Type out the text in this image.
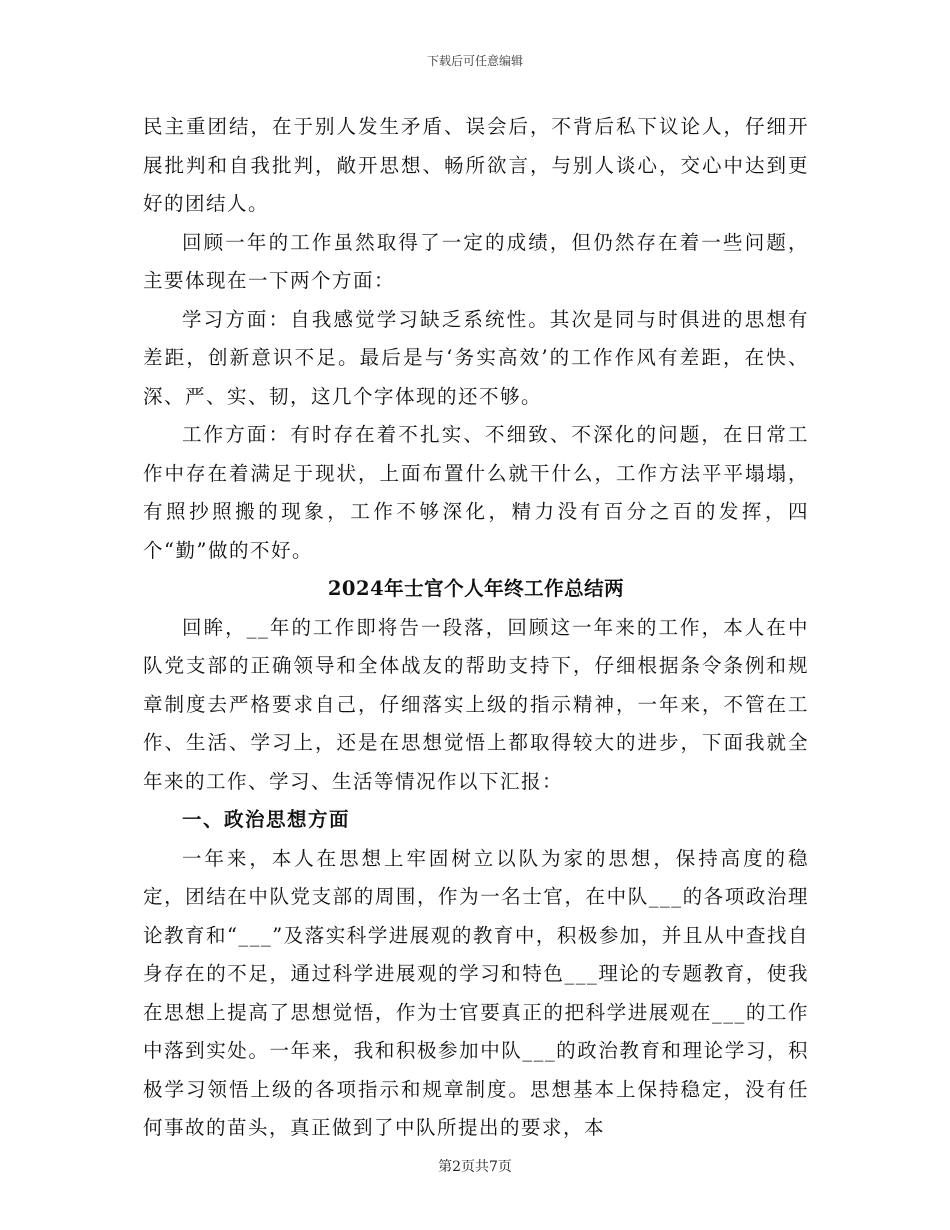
下载后可任意编辑

民主重团结，在于别人发生矛盾、误会后，不背后私下议论人，仔细开展批判和自我批判，敞开思想、畅所欲言，与别人谈心，交心中达到更好的团结人。

回顾一年的工作虽然取得了一定的成绩，但仍然存在着一些问题，主要体现在一下两个方面：

学习方面：自我感觉学习缺乏系统性。其次是同与时俱进的思想有差距，创新意识不足。最后是与‘务实高效’的工作作风有差距，在快、深、严、实、韧，这几个字体现的还不够。

工作方面：有时存在着不扎实、不细致、不深化的问题，在日常工作中存在着满足于现状，上面布置什么就干什么，工作方法平平塌塌，有照抄照搬的现象，工作不够深化，精力没有百分之百的发挥，四个“勤”做的不好。

2024年士官个人年终工作总结两

回眸，__年的工作即将告一段落，回顾这一年来的工作，本人在中队党支部的正确领导和全体战友的帮助支持下，仔细根据条令条例和规章制度去严格要求自己，仔细落实上级的指示精神，一年来，不管在工作、生活、学习上，还是在思想觉悟上都取得较大的进步，下面我就全年来的工作、学习、生活等情况作以下汇报：

一、政治思想方面

一年来，本人在思想上牢固树立以队为家的思想，保持高度的稳定，团结在中队党支部的周围，作为一名士官，在中队___的各项政治理论教育和“___”及落实科学进展观的教育中，积极参加，并且从中查找自身存在的不足，通过科学进展观的学习和特色___理论的专题教育，使我在思想上提高了思想觉悟，作为士官要真正的把科学进展观在___的工作中落到实处。一年来，我和积极参加中队___的政治教育和理论学习，积极学习领悟上级的各项指示和规章制度。思想基本上保持稳定，没有任何事故的苗头，真正做到了中队所提出的要求，本

第2页共7页
